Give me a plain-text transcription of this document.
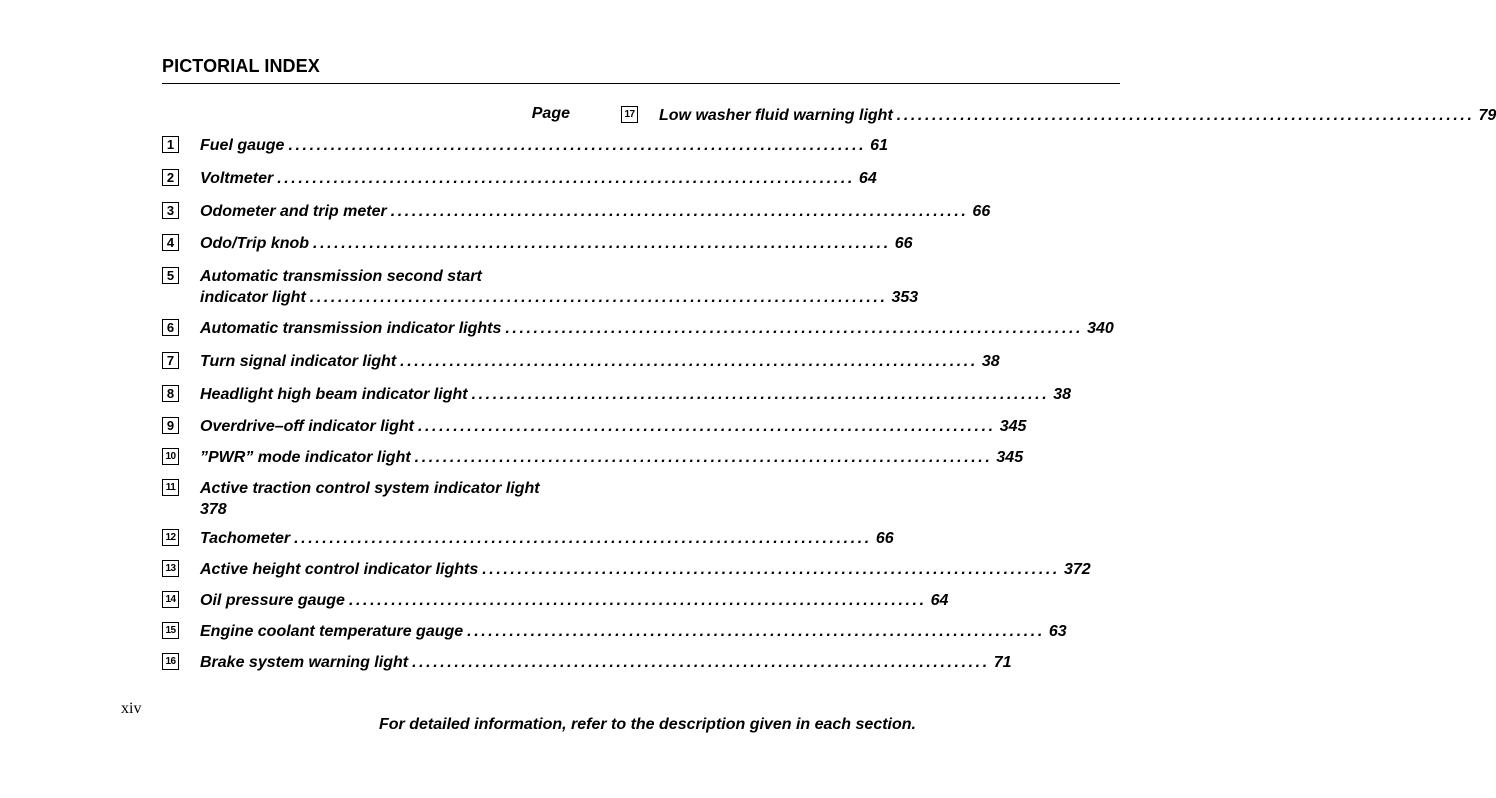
PICTORIAL INDEX
Page
1	Fuel gauge .................................................................................. 61
2	Voltmeter .................................................................................. 64
3	Odometer and trip meter .................................................................................. 66
4	Odo/Trip knob .................................................................................. 66
5	Automatic transmission second start
indicator light .................................................................................. 353
6	Automatic transmission indicator lights .................................................................................. 340
7	Turn signal indicator light .................................................................................. 38
8	Headlight high beam indicator light .................................................................................. 38
9	Overdrive–off indicator light .................................................................................. 345
10 ”PWR” mode indicator light .................................................................................. 345
11 Active traction control system indicator light
378
12 Tachometer .................................................................................. 66
13 Active height control indicator lights .................................................................................. 372
14 Oil pressure gauge .................................................................................. 64
15 Engine coolant temperature gauge .................................................................................. 63
16 Brake system warning light .................................................................................. 71
17 Low washer fluid warning light .................................................................................. 79
xiv
For detailed information, refer to the description given in each section.
